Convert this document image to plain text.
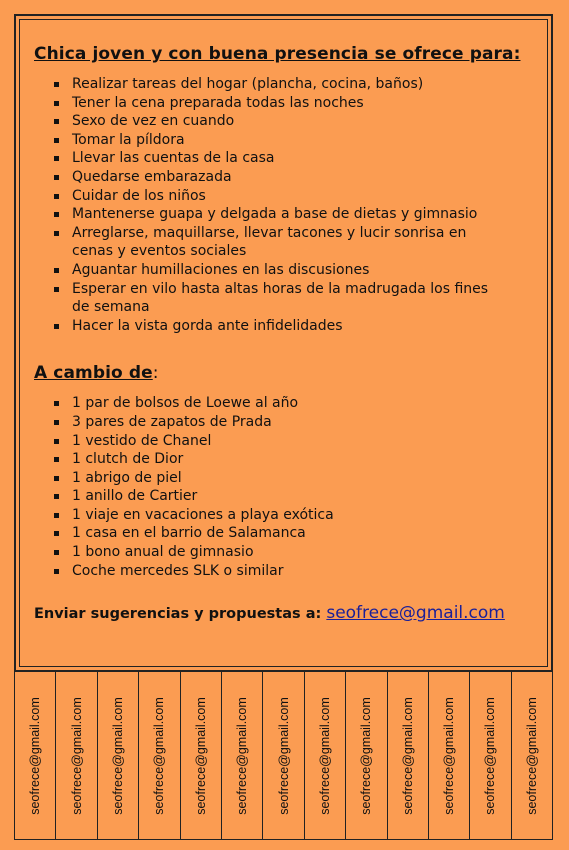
Chica joven y con buena presencia se ofrece para:
Realizar tareas del hogar (plancha, cocina, baños)
Tener la cena preparada todas las noches
Sexo de vez en cuando
Tomar la píldora
Llevar las cuentas de la casa
Quedarse embarazada
Cuidar de los niños
Mantenerse guapa y delgada a base de dietas y gimnasio
Arreglarse, maquillarse, llevar tacones y lucir sonrisa en cenas y eventos sociales
Aguantar humillaciones en las discusiones
Esperar en vilo hasta altas horas de la madrugada los fines de semana
Hacer la vista gorda ante infidelidades
A cambio de:
1 par de bolsos de Loewe al año
3 pares de zapatos de Prada
1 vestido de Chanel
1 clutch de Dior
1 abrigo de piel
1 anillo de Cartier
1 viaje en vacaciones a playa exótica
1 casa en el barrio de Salamanca
1 bono anual de gimnasio
Coche mercedes SLK o similar
Enviar sugerencias y propuestas a: seofrece@gmail.com
seofrece@gmail.com seofrece@gmail.com seofrece@gmail.com seofrece@gmail.com seofrece@gmail.com seofrece@gmail.com seofrece@gmail.com seofrece@gmail.com seofrece@gmail.com seofrece@gmail.com seofrece@gmail.com seofrece@gmail.com seofrece@gmail.com
